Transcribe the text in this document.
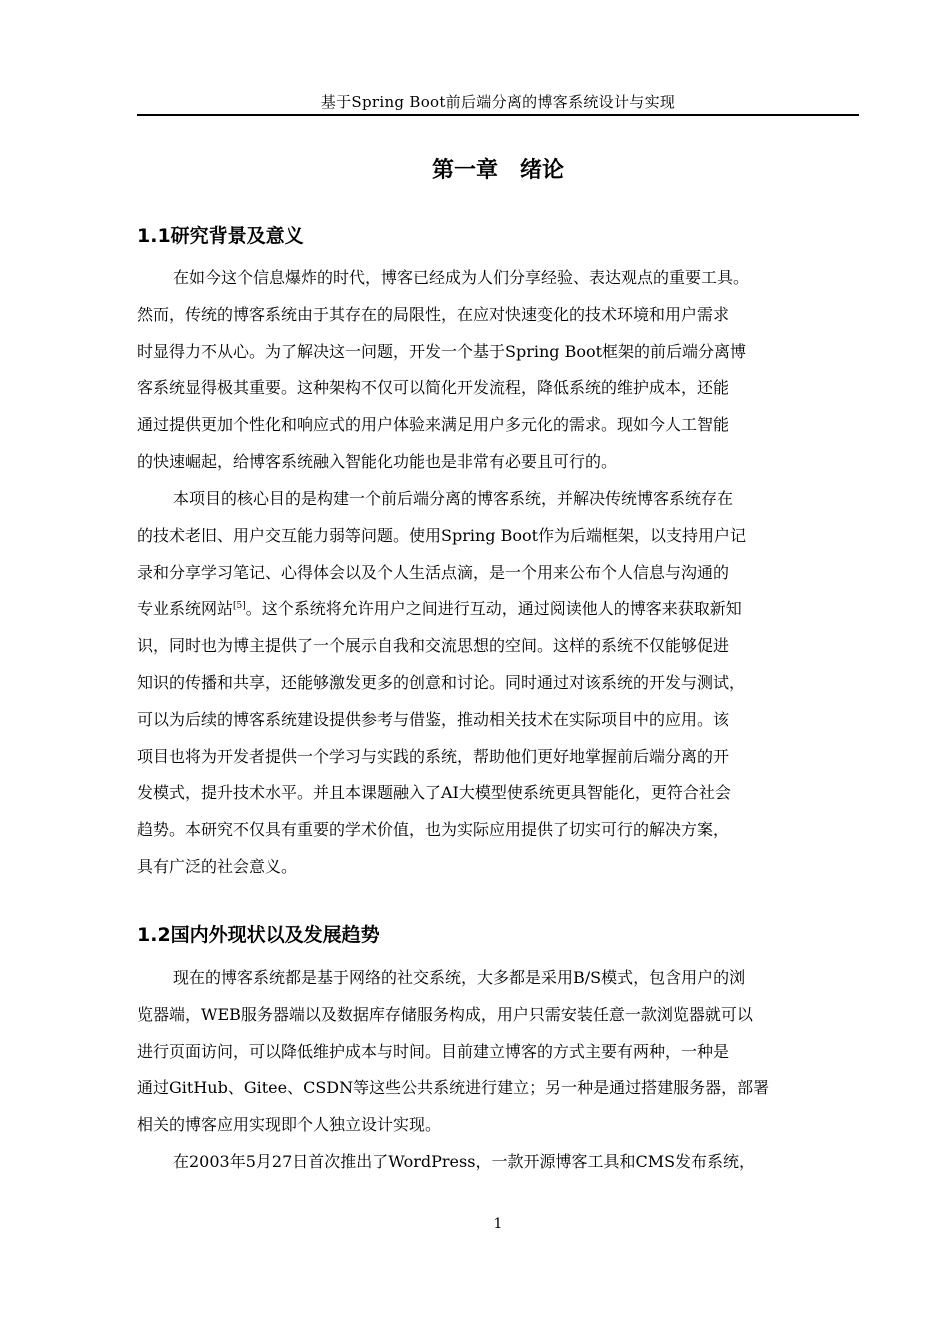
基于Spring Boot前后端分离的博客系统设计与实现
第一章　绪论
1.1研究背景及意义
在如今这个信息爆炸的时代，博客已经成为人们分享经验、表达观点的重要工具。
然而，传统的博客系统由于其存在的局限性，在应对快速变化的技术环境和用户需求
时显得力不从心。为了解决这一问题，开发一个基于Spring Boot框架的前后端分离博
客系统显得极其重要。这种架构不仅可以简化开发流程，降低系统的维护成本，还能
通过提供更加个性化和响应式的用户体验来满足用户多元化的需求。现如今人工智能
的快速崛起，给博客系统融入智能化功能也是非常有必要且可行的。
本项目的核心目的是构建一个前后端分离的博客系统，并解决传统博客系统存在
的技术老旧、用户交互能力弱等问题。使用Spring Boot作为后端框架，以支持用户记
录和分享学习笔记、心得体会以及个人生活点滴，是一个用来公布个人信息与沟通的
专业系统网站[5]。这个系统将允许用户之间进行互动，通过阅读他人的博客来获取新知
识，同时也为博主提供了一个展示自我和交流思想的空间。这样的系统不仅能够促进
知识的传播和共享，还能够激发更多的创意和讨论。同时通过对该系统的开发与测试，
可以为后续的博客系统建设提供参考与借鉴，推动相关技术在实际项目中的应用。该
项目也将为开发者提供一个学习与实践的系统，帮助他们更好地掌握前后端分离的开
发模式，提升技术水平。并且本课题融入了AI大模型使系统更具智能化，更符合社会
趋势。本研究不仅具有重要的学术价值，也为实际应用提供了切实可行的解决方案，
具有广泛的社会意义。
1.2国内外现状以及发展趋势
现在的博客系统都是基于网络的社交系统，大多都是采用B/S模式，包含用户的浏
览器端，WEB服务器端以及数据库存储服务构成，用户只需安装任意一款浏览器就可以
进行页面访问，可以降低维护成本与时间。目前建立博客的方式主要有两种，一种是
通过GitHub、Gitee、CSDN等这些公共系统进行建立；另一种是通过搭建服务器，部署
相关的博客应用实现即个人独立设计实现。
在2003年5月27日首次推出了WordPress，一款开源博客工具和CMS发布系统，
1
